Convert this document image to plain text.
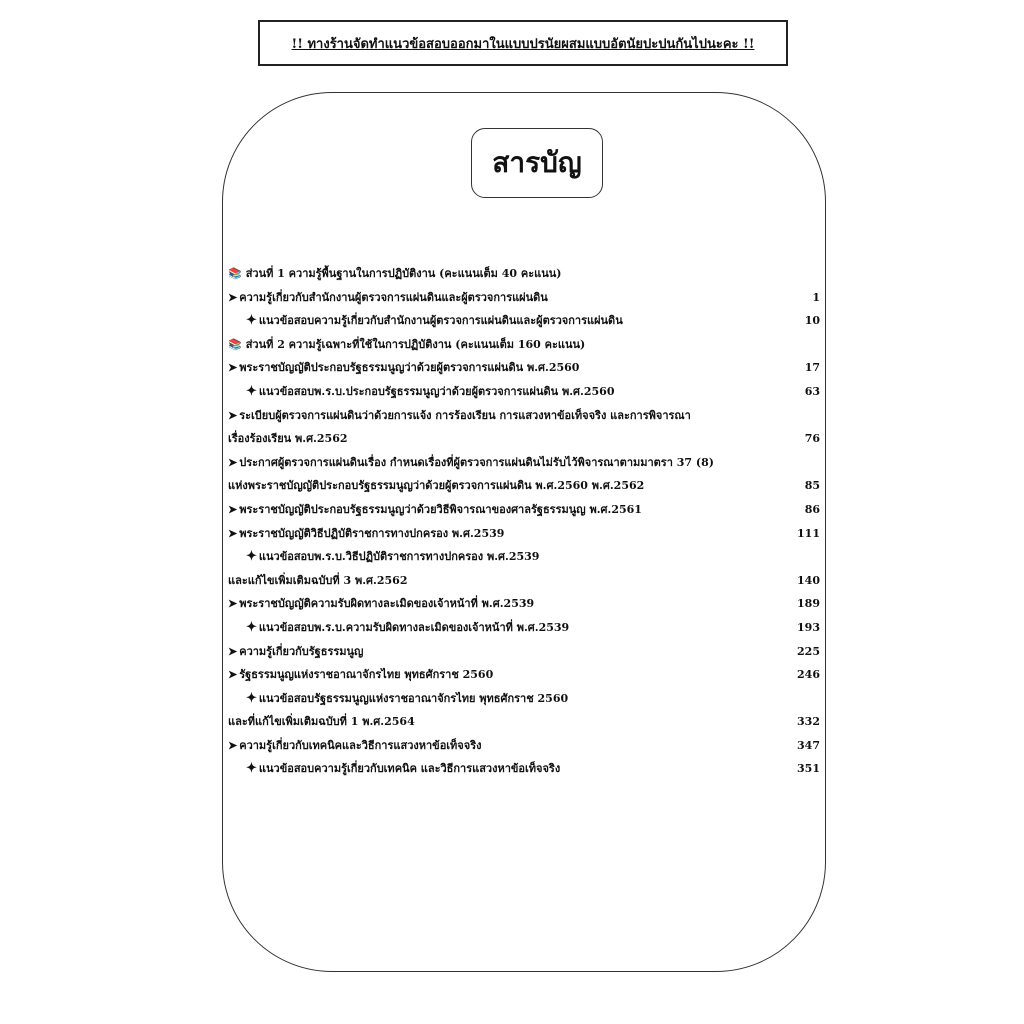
!! ทางร้านจัดทำแนวข้อสอบออกมาในแบบปรนัยผสมแบบอัตนัยปะปนกันไปนะคะ !!
สารบัญ
📚 ส่วนที่ 1 ความรู้พื้นฐานในการปฏิบัติงาน (คะแนนเต็ม 40 คะแนน)
➤ ความรู้เกี่ยวกับสำนักงานผู้ตรวจการแผ่นดินและผู้ตรวจการแผ่นดิน	1
✦ แนวข้อสอบความรู้เกี่ยวกับสำนักงานผู้ตรวจการแผ่นดินและผู้ตรวจการแผ่นดิน	10
📚 ส่วนที่ 2 ความรู้เฉพาะที่ใช้ในการปฏิบัติงาน (คะแนนเต็ม 160 คะแนน)
➤ พระราชบัญญัติประกอบรัฐธรรมนูญว่าด้วยผู้ตรวจการแผ่นดิน พ.ศ.2560	17
✦ แนวข้อสอบพ.ร.บ.ประกอบรัฐธรรมนูญว่าด้วยผู้ตรวจการแผ่นดิน พ.ศ.2560	63
➤ ระเบียบผู้ตรวจการแผ่นดินว่าด้วยการแจ้ง การร้องเรียน การแสวงหาข้อเท็จจริง และการพิจารณา
เรื่องร้องเรียน พ.ศ.2562	76
➤ ประกาศผู้ตรวจการแผ่นดินเรื่อง กำหนดเรื่องที่ผู้ตรวจการแผ่นดินไม่รับไว้พิจารณาตามมาตรา 37 (8)
แห่งพระราชบัญญัติประกอบรัฐธรรมนูญว่าด้วยผู้ตรวจการแผ่นดิน พ.ศ.2560 พ.ศ.2562	85
➤ พระราชบัญญัติประกอบรัฐธรรมนูญว่าด้วยวิธีพิจารณาของศาลรัฐธรรมนูญ พ.ศ.2561	86
➤ พระราชบัญญัติวิธีปฏิบัติราชการทางปกครอง พ.ศ.2539	111
✦ แนวข้อสอบพ.ร.บ.วิธีปฏิบัติราชการทางปกครอง พ.ศ.2539
และแก้ไขเพิ่มเติมฉบับที่ 3 พ.ศ.2562	140
➤ พระราชบัญญัติความรับผิดทางละเมิดของเจ้าหน้าที่ พ.ศ.2539	189
✦ แนวข้อสอบพ.ร.บ.ความรับผิดทางละเมิดของเจ้าหน้าที่ พ.ศ.2539	193
➤ ความรู้เกี่ยวกับรัฐธรรมนูญ	225
➤ รัฐธรรมนูญแห่งราชอาณาจักรไทย พุทธศักราช 2560	246
✦ แนวข้อสอบรัฐธรรมนูญแห่งราชอาณาจักรไทย พุทธศักราช 2560
และที่แก้ไขเพิ่มเติมฉบับที่ 1 พ.ศ.2564	332
➤ ความรู้เกี่ยวกับเทคนิคและวิธีการแสวงหาข้อเท็จจริง	347
✦ แนวข้อสอบความรู้เกี่ยวกับเทคนิค และวิธีการแสวงหาข้อเท็จจริง	351
